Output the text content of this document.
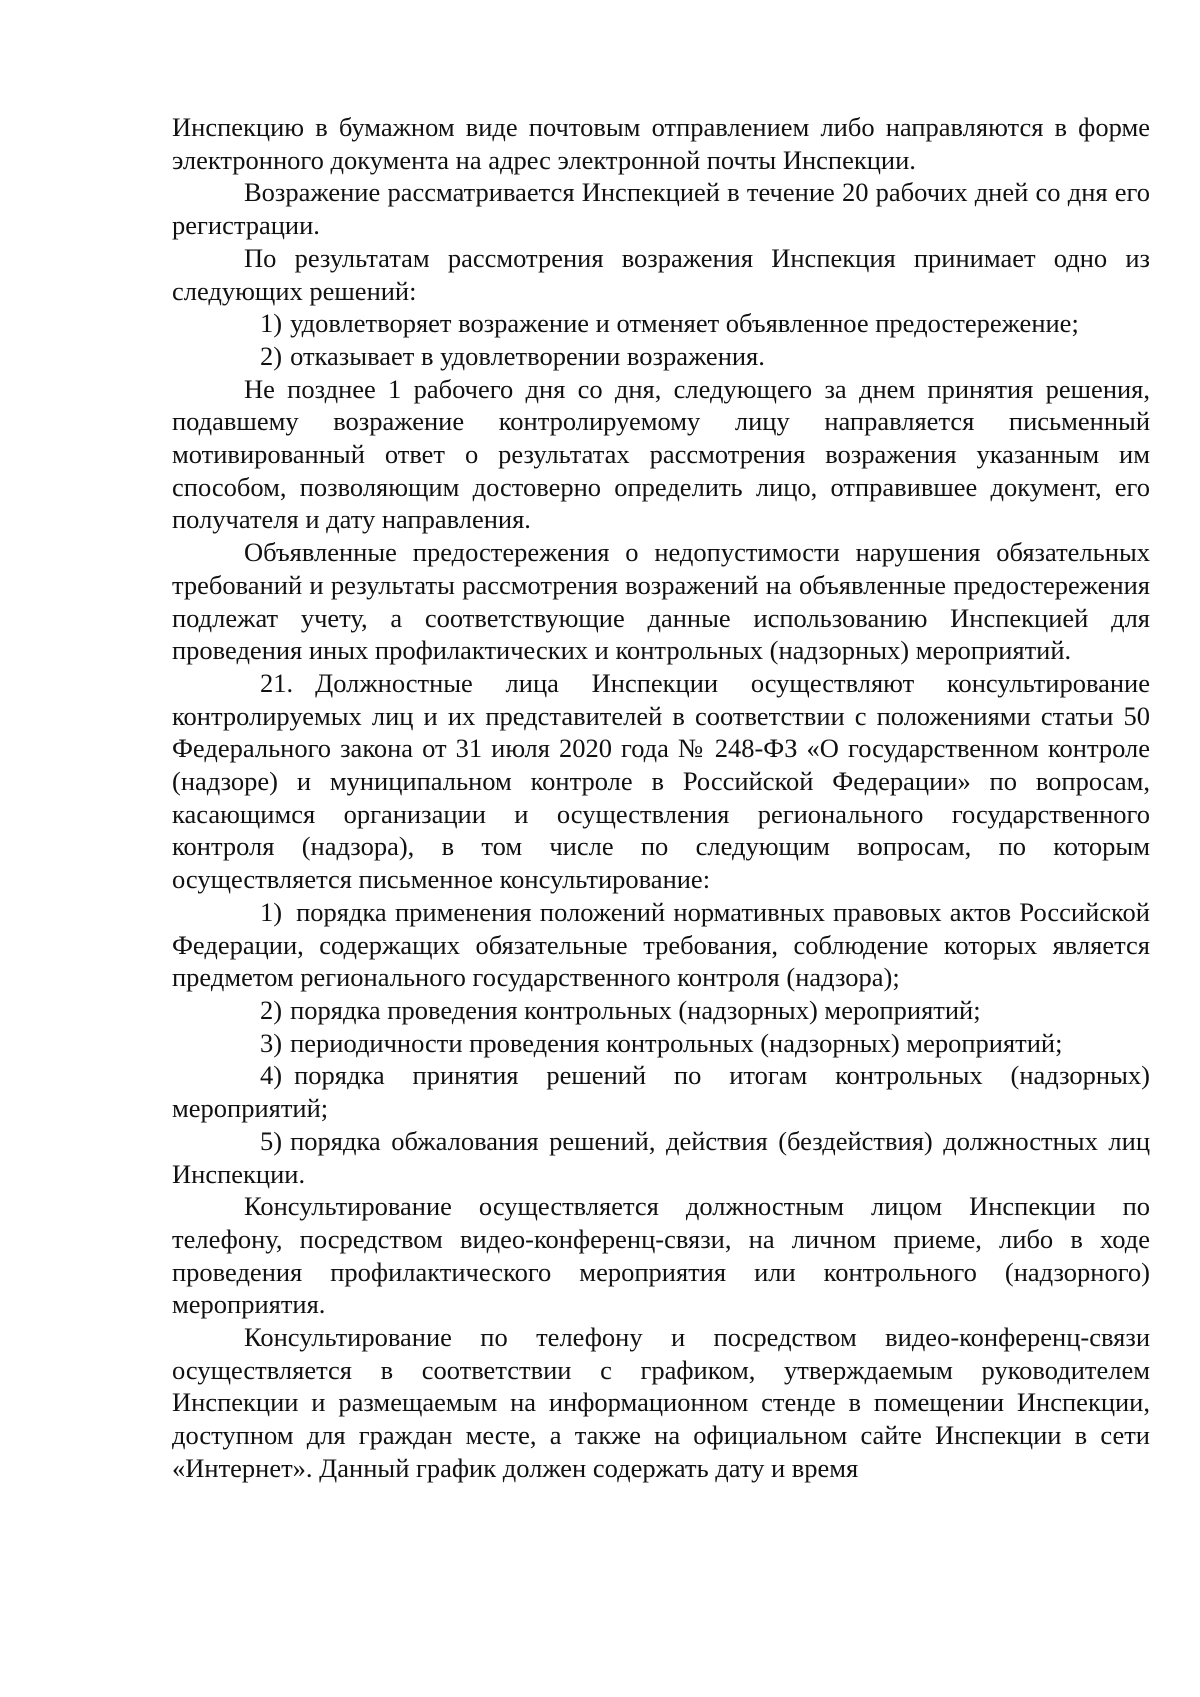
Инспекцию в бумажном виде почтовым отправлением либо направляются в форме электронного документа на адрес электронной почты Инспекции.

Возражение рассматривается Инспекцией в течение 20 рабочих дней со дня его регистрации.

По результатам рассмотрения возражения Инспекция принимает одно из следующих решений:

1) удовлетворяет возражение и отменяет объявленное предостережение;

2) отказывает в удовлетворении возражения.

Не позднее 1 рабочего дня со дня, следующего за днем принятия решения, подавшему возражение контролируемому лицу направляется письменный мотивированный ответ о результатах рассмотрения возражения указанным им способом, позволяющим достоверно определить лицо, отправившее документ, его получателя и дату направления.

Объявленные предостережения о недопустимости нарушения обязательных требований и результаты рассмотрения возражений на объявленные предостережения подлежат учету, а соответствующие данные использованию Инспекцией для проведения иных профилактических и контрольных (надзорных) мероприятий.

21. Должностные лица Инспекции осуществляют консультирование контролируемых лиц и их представителей в соответствии с положениями статьи 50 Федерального закона от 31 июля 2020 года № 248-ФЗ «О государственном контроле (надзоре) и муниципальном контроле в Российской Федерации» по вопросам, касающимся организации и осуществления регионального государственного контроля (надзора), в том числе по следующим вопросам, по которым осуществляется письменное консультирование:

1) порядка применения положений нормативных правовых актов Российской Федерации, содержащих обязательные требования, соблюдение которых является предметом регионального государственного контроля (надзора);

2) порядка проведения контрольных (надзорных) мероприятий;

3) периодичности проведения контрольных (надзорных) мероприятий;

4) порядка принятия решений по итогам контрольных (надзорных) мероприятий;

5) порядка обжалования решений, действия (бездействия) должностных лиц Инспекции.

Консультирование осуществляется должностным лицом Инспекции по телефону, посредством видео-конференц-связи, на личном приеме, либо в ходе проведения профилактического мероприятия или контрольного (надзорного) мероприятия.

Консультирование по телефону и посредством видео-конференц-связи осуществляется в соответствии с графиком, утверждаемым руководителем Инспекции и размещаемым на информационном стенде в помещении Инспекции, доступном для граждан месте, а также на официальном сайте Инспекции в сети «Интернет». Данный график должен содержать дату и время
